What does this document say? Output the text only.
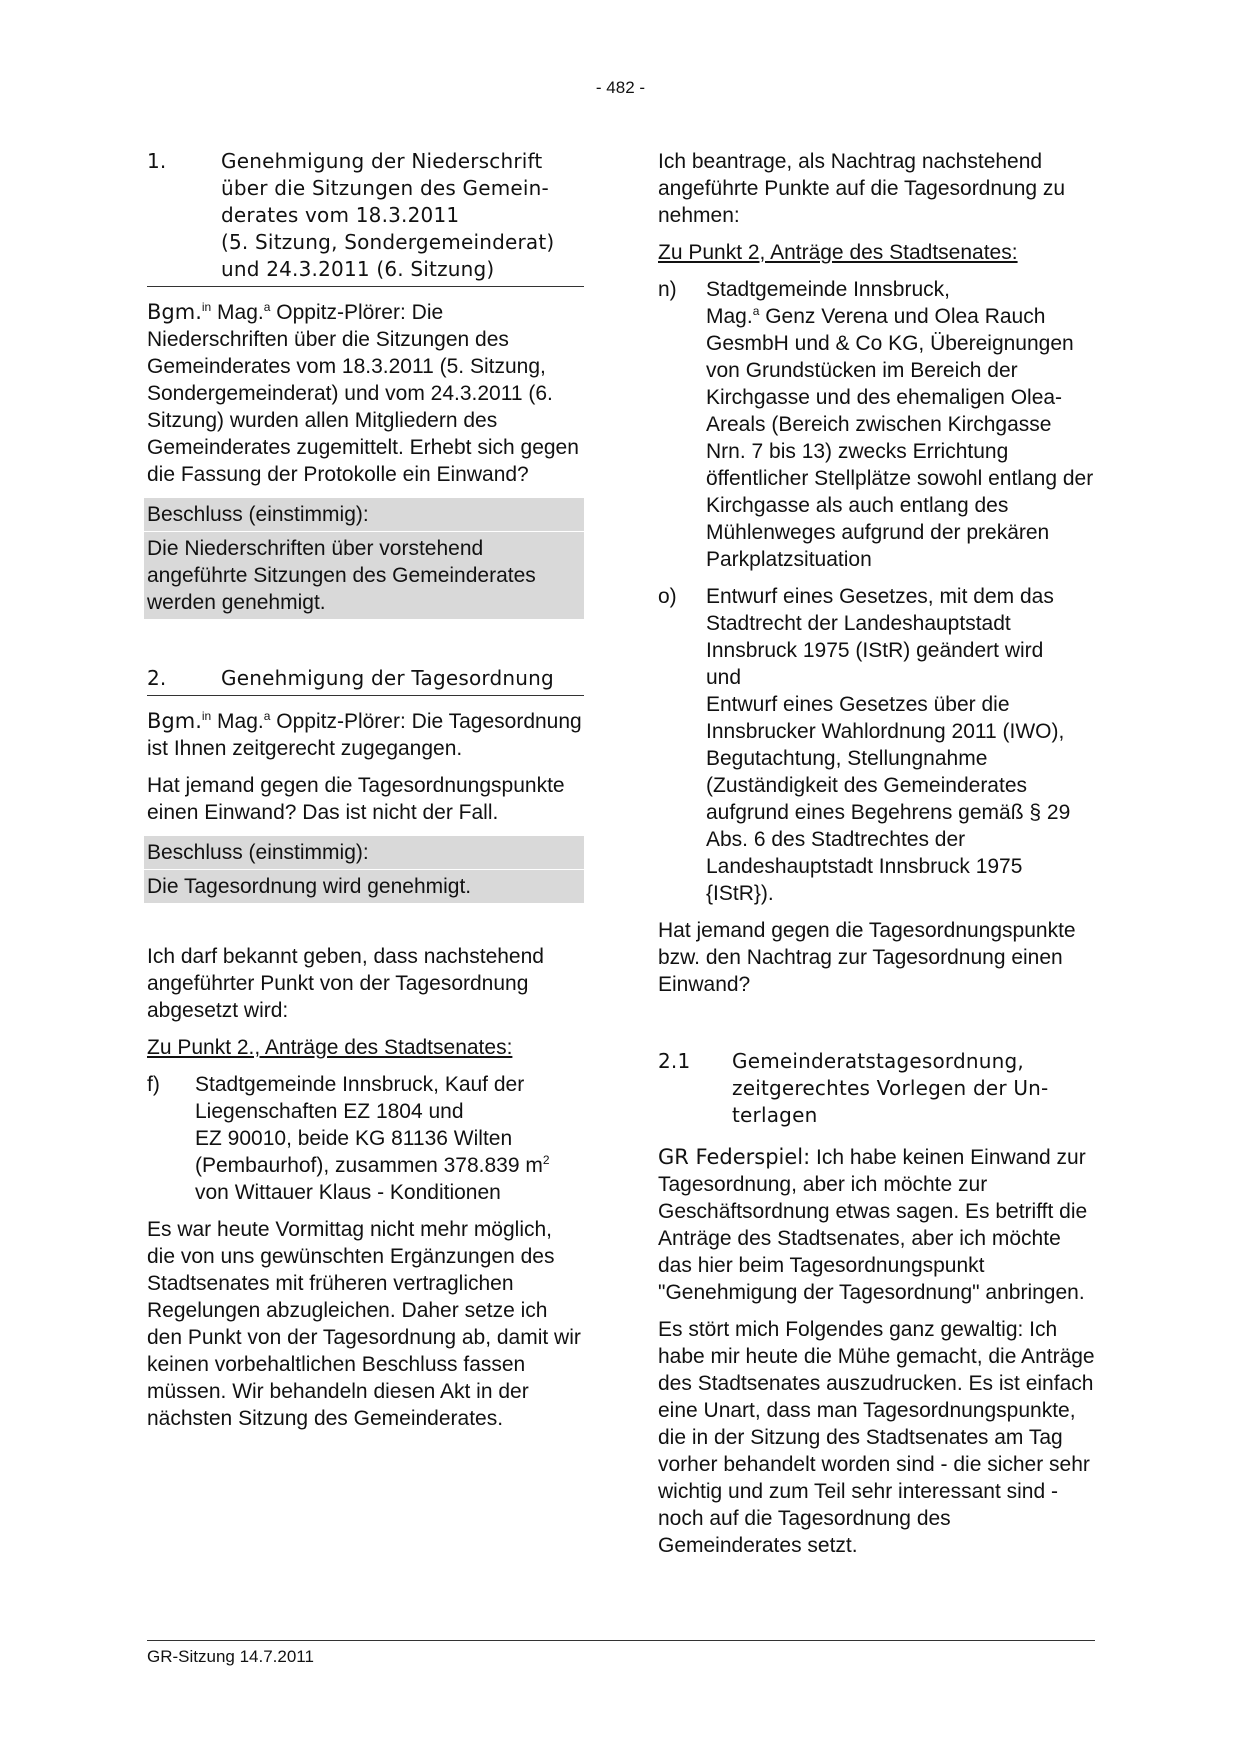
- 482 -
1.	Genehmigung der Niederschrift
über die Sitzungen des Gemein-
derates vom 18.3.2011
(5. Sitzung, Sondergemeinderat)
und 24.3.2011 (6. Sitzung)

Bgm.$^{in}$ Mag.$^a$ Oppitz-Plörer: Die Niederschriften über die Sitzungen des Gemeinderates vom 18.3.2011 (5. Sitzung, Sondergemeinderat) und vom 24.3.2011 (6. Sitzung) wurden allen Mitgliedern des Gemeinderates zugemittelt. Erhebt sich gegen die Fassung der Protokolle ein Einwand?

Beschluss (einstimmig):
Die Niederschriften über vorstehend angeführte Sitzungen des Gemeinderates werden genehmigt.
2.	Genehmigung der Tagesordnung

Bgm.$^{in}$ Mag.$^a$ Oppitz-Plörer: Die Tagesordnung ist Ihnen zeitgerecht zugegangen.

Hat jemand gegen die Tagesordnungspunkte einen Einwand? Das ist nicht der Fall.

Beschluss (einstimmig):
Die Tagesordnung wird genehmigt.

Ich darf bekannt geben, dass nachstehend angeführter Punkt von der Tagesordnung abgesetzt wird:

Zu Punkt 2., Anträge des Stadtsenates:

f)	Stadtgemeinde Innsbruck, Kauf der
Liegenschaften EZ 1804 und
EZ 90010, beide KG 81136 Wilten
(Pembaurhof), zusammen 378.839 $m^2$
von Wittauer Klaus - Konditionen

Es war heute Vormittag nicht mehr möglich, die von uns gewünschten Ergänzungen des Stadtsenates mit früheren vertraglichen Regelungen abzugleichen. Daher setze ich den Punkt von der Tagesordnung ab, damit wir keinen vorbehaltlichen Beschluss fassen müssen. Wir behandeln diesen Akt in der nächsten Sitzung des Gemeinderates.

Ich beantrage, als Nachtrag nachstehend angeführte Punkte auf die Tagesordnung zu nehmen:

Zu Punkt 2, Anträge des Stadtsenates:

n)	Stadtgemeinde Innsbruck,
Mag.$^a$ Genz Verena und Olea Rauch GesmbH und & Co KG, Übereignungen von Grundstücken im Bereich der Kirchgasse und des ehemaligen Olea-Areals (Bereich zwischen Kirchgasse Nrn. 7 bis 13) zwecks Errichtung öffentlicher Stellplätze sowohl entlang der Kirchgasse als auch entlang des Mühlenweges aufgrund der prekären Parkplatzsituation
o)	Entwurf eines Gesetzes, mit dem das Stadtrecht der Landeshauptstadt Innsbruck 1975 (IStR) geändert wird
und
Entwurf eines Gesetzes über die Innsbrucker Wahlordnung 2011 (IWO), Begutachtung, Stellungnahme (Zuständigkeit des Gemeinderates aufgrund eines Begehrens gemäß § 29 Abs. 6 des Stadtrechtes der Landeshauptstadt Innsbruck 1975 {IStR}).

Hat jemand gegen die Tagesordnungspunkte bzw. den Nachtrag zur Tagesordnung einen Einwand?

2.1	Gemeinderatstagesordnung,
zeitgerechtes Vorlegen der Un-
terlagen

GR Federspiel: Ich habe keinen Einwand zur Tagesordnung, aber ich möchte zur Geschäftsordnung etwas sagen. Es betrifft die Anträge des Stadtsenates, aber ich möchte das hier beim Tagesordnungspunkt "Genehmigung der Tagesordnung" anbringen.

Es stört mich Folgendes ganz gewaltig: Ich habe mir heute die Mühe gemacht, die Anträge des Stadtsenates auszudrucken. Es ist einfach eine Unart, dass man Tagesordnungspunkte, die in der Sitzung des Stadtsenates am Tag vorher behandelt worden sind - die sicher sehr wichtig und zum Teil sehr interessant sind - noch auf die Tagesordnung des Gemeinderates setzt.

GR-Sitzung 14.7.2011
